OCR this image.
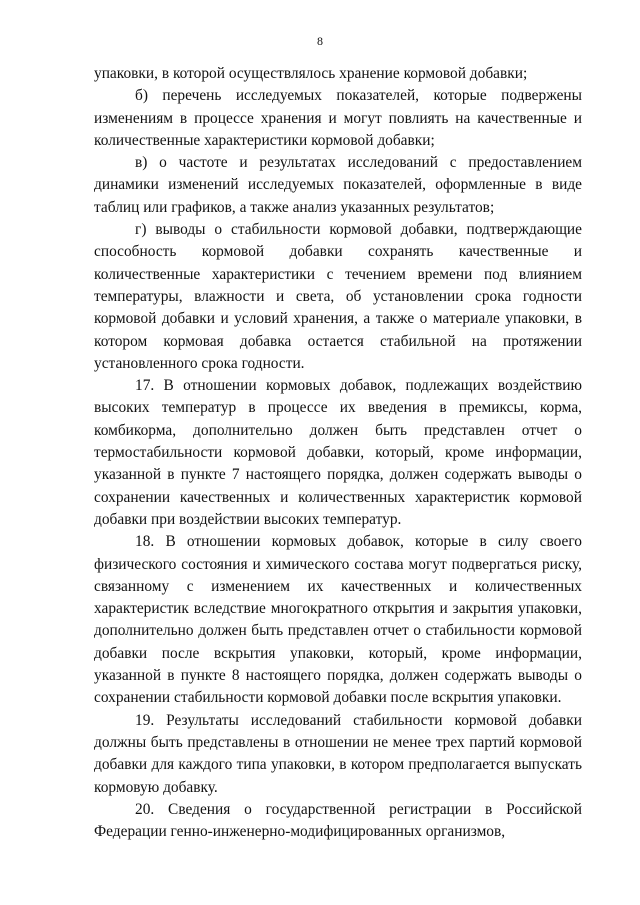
8

упаковки, в которой осуществлялось хранение кормовой добавки;

б) перечень исследуемых показателей, которые подвержены изменениям в процессе хранения и могут повлиять на качественные и количественные характеристики кормовой добавки;

в) о частоте и результатах исследований с предоставлением динамики изменений исследуемых показателей, оформленные в виде таблиц или графиков, а также анализ указанных результатов;

г) выводы о стабильности кормовой добавки, подтверждающие способность кормовой добавки сохранять качественные и количественные характеристики с течением времени под влиянием температуры, влажности и света, об установлении срока годности кормовой добавки и условий хранения, а также о материале упаковки, в котором кормовая добавка остается стабильной на протяжении установленного срока годности.

17. В отношении кормовых добавок, подлежащих воздействию высоких температур в процессе их введения в премиксы, корма, комбикорма, дополнительно должен быть представлен отчет о термостабильности кормовой добавки, который, кроме информации, указанной в пункте 7 настоящего порядка, должен содержать выводы о сохранении качественных и количественных характеристик кормовой добавки при воздействии высоких температур.

18. В отношении кормовых добавок, которые в силу своего физического состояния и химического состава могут подвергаться риску, связанному с изменением их качественных и количественных характеристик вследствие многократного открытия и закрытия упаковки, дополнительно должен быть представлен отчет о стабильности кормовой добавки после вскрытия упаковки, который, кроме информации, указанной в пункте 8 настоящего порядка, должен содержать выводы о сохранении стабильности кормовой добавки после вскрытия упаковки.

19. Результаты исследований стабильности кормовой добавки должны быть представлены в отношении не менее трех партий кормовой добавки для каждого типа упаковки, в котором предполагается выпускать кормовую добавку.

20. Сведения о государственной регистрации в Российской Федерации генно-инженерно-модифицированных организмов,
